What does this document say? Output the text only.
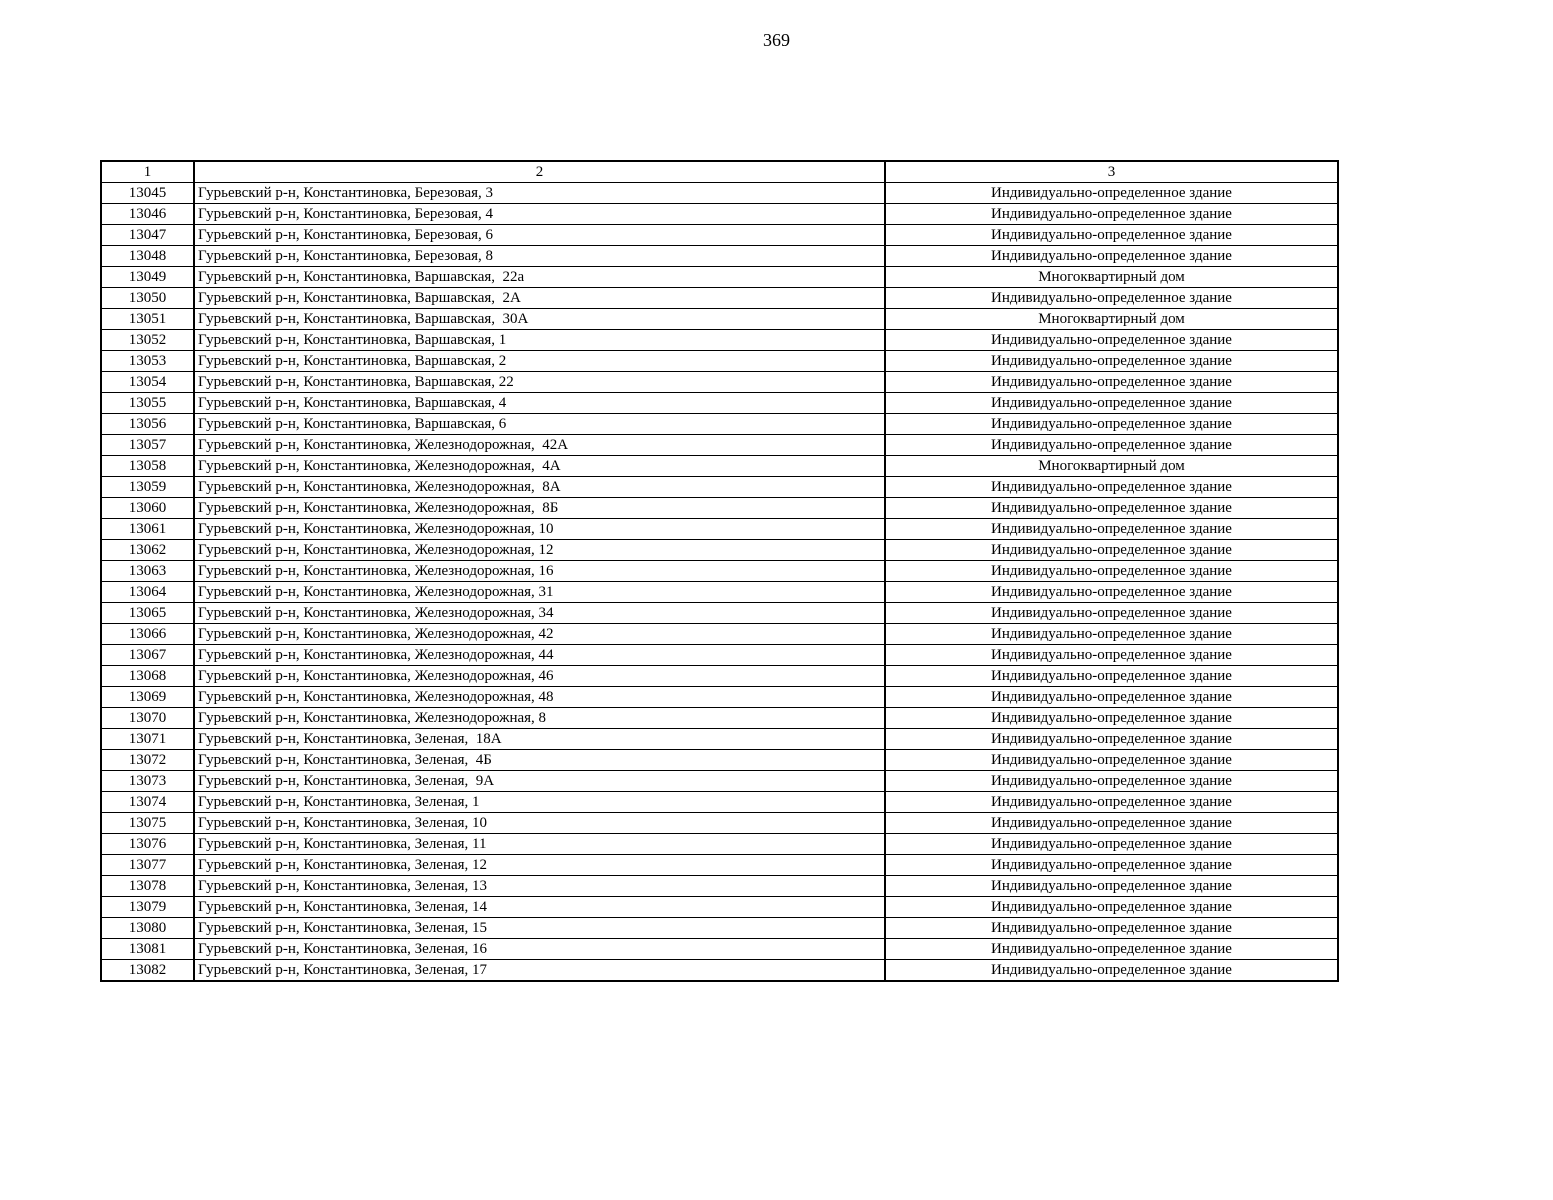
369
1	2	3
13045	Гурьевский р-н, Константиновка, Березовая, 3	Индивидуально-определенное здание
13046	Гурьевский р-н, Константиновка, Березовая, 4	Индивидуально-определенное здание
13047	Гурьевский р-н, Константиновка, Березовая, 6	Индивидуально-определенное здание
13048	Гурьевский р-н, Константиновка, Березовая, 8	Индивидуально-определенное здание
13049	Гурьевский р-н, Константиновка, Варшавская,  22а	Многоквартирный дом
13050	Гурьевский р-н, Константиновка, Варшавская,  2А	Индивидуально-определенное здание
13051	Гурьевский р-н, Константиновка, Варшавская,  30А	Многоквартирный дом
13052	Гурьевский р-н, Константиновка, Варшавская, 1	Индивидуально-определенное здание
13053	Гурьевский р-н, Константиновка, Варшавская, 2	Индивидуально-определенное здание
13054	Гурьевский р-н, Константиновка, Варшавская, 22	Индивидуально-определенное здание
13055	Гурьевский р-н, Константиновка, Варшавская, 4	Индивидуально-определенное здание
13056	Гурьевский р-н, Константиновка, Варшавская, 6	Индивидуально-определенное здание
13057	Гурьевский р-н, Константиновка, Железнодорожная,  42А	Индивидуально-определенное здание
13058	Гурьевский р-н, Константиновка, Железнодорожная,  4А	Многоквартирный дом
13059	Гурьевский р-н, Константиновка, Железнодорожная,  8А	Индивидуально-определенное здание
13060	Гурьевский р-н, Константиновка, Железнодорожная,  8Б	Индивидуально-определенное здание
13061	Гурьевский р-н, Константиновка, Железнодорожная, 10	Индивидуально-определенное здание
13062	Гурьевский р-н, Константиновка, Железнодорожная, 12	Индивидуально-определенное здание
13063	Гурьевский р-н, Константиновка, Железнодорожная, 16	Индивидуально-определенное здание
13064	Гурьевский р-н, Константиновка, Железнодорожная, 31	Индивидуально-определенное здание
13065	Гурьевский р-н, Константиновка, Железнодорожная, 34	Индивидуально-определенное здание
13066	Гурьевский р-н, Константиновка, Железнодорожная, 42	Индивидуально-определенное здание
13067	Гурьевский р-н, Константиновка, Железнодорожная, 44	Индивидуально-определенное здание
13068	Гурьевский р-н, Константиновка, Железнодорожная, 46	Индивидуально-определенное здание
13069	Гурьевский р-н, Константиновка, Железнодорожная, 48	Индивидуально-определенное здание
13070	Гурьевский р-н, Константиновка, Железнодорожная, 8	Индивидуально-определенное здание
13071	Гурьевский р-н, Константиновка, Зеленая,  18А	Индивидуально-определенное здание
13072	Гурьевский р-н, Константиновка, Зеленая,  4Б	Индивидуально-определенное здание
13073	Гурьевский р-н, Константиновка, Зеленая,  9А	Индивидуально-определенное здание
13074	Гурьевский р-н, Константиновка, Зеленая, 1	Индивидуально-определенное здание
13075	Гурьевский р-н, Константиновка, Зеленая, 10	Индивидуально-определенное здание
13076	Гурьевский р-н, Константиновка, Зеленая, 11	Индивидуально-определенное здание
13077	Гурьевский р-н, Константиновка, Зеленая, 12	Индивидуально-определенное здание
13078	Гурьевский р-н, Константиновка, Зеленая, 13	Индивидуально-определенное здание
13079	Гурьевский р-н, Константиновка, Зеленая, 14	Индивидуально-определенное здание
13080	Гурьевский р-н, Константиновка, Зеленая, 15	Индивидуально-определенное здание
13081	Гурьевский р-н, Константиновка, Зеленая, 16	Индивидуально-определенное здание
13082	Гурьевский р-н, Константиновка, Зеленая, 17	Индивидуально-определенное здание
